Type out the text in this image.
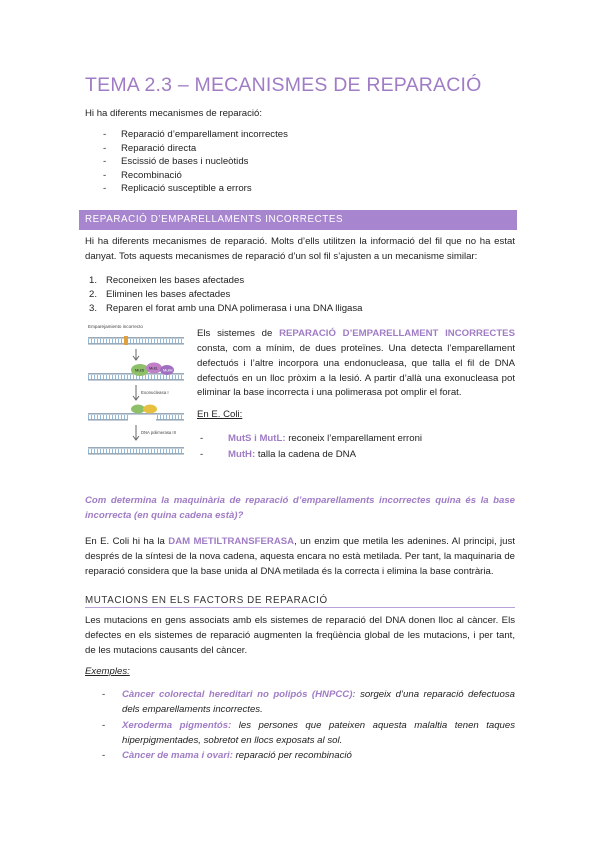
TEMA 2.3 – MECANISMES DE REPARACIÓ

Hi ha diferents mecanismes de reparació:

- Reparació d’emparellament incorrectes
- Reparació directa
- Escissió de bases i nucleòtids
- Recombinació
- Replicació susceptible a errors
REPARACIÓ D’EMPARELLAMENTS INCORRECTES

Hi ha diferents mecanismes de reparació. Molts d’ells utilitzen la informació del fil que no ha estat danyat. Tots aquests mecanismes de reparació d’un sol fil s’ajusten a un mecanisme similar:

1. Reconeixen les bases afectades
2. Eliminen les bases afectades
3. Reparen el forat amb una DNA polimerasa i una DNA lligasa
Emparejamiento incorrecto
MutS MutL MutH
Exonucleasa I
DNA polimerasa III

Els sistemes de REPARACIÓ D’EMPARELLAMENT INCORRECTES consta, com a mínim, de dues proteïnes. Una detecta l’emparellament defectuós i l’altre incorpora una endonucleasa, que talla el fil de DNA defectuós en un lloc pròxim a la lesió. A partir d’allà una exonucleasa pot eliminar la base incorrecta i una polimerasa pot omplir el forat.

En E. Coli:

- MutS i MutL: reconeix l’emparellament erroni
- MutH: talla la cadena de DNA

Com determina la maquinària de reparació d’emparellaments incorrectes quina és la base incorrecta (en quina cadena està)?

En E. Coli hi ha la DAM METILTRANSFERASA, un enzim que metila les adenines. Al principi, just després de la síntesi de la nova cadena, aquesta encara no està metilada. Per tant, la maquinaria de reparació considera que la base unida al DNA metilada és la correcta i elimina la base contrària.

MUTACIONS EN ELS FACTORS DE REPARACIÓ

Les mutacions en gens associats amb els sistemes de reparació del DNA donen lloc al càncer. Els defectes en els sistemes de reparació augmenten la freqüència global de les mutacions, i per tant, de les mutacions causants del càncer.

Exemples:

- Càncer colorectal hereditari no polipós (HNPCC): sorgeix d’una reparació defectuosa dels emparellaments incorrectes.
- Xeroderma pigmentós: les persones que pateixen aquesta malaltia tenen taques hiperpigmentades, sobretot en llocs exposats al sol.
- Càncer de mama i ovari: reparació per recombinació
